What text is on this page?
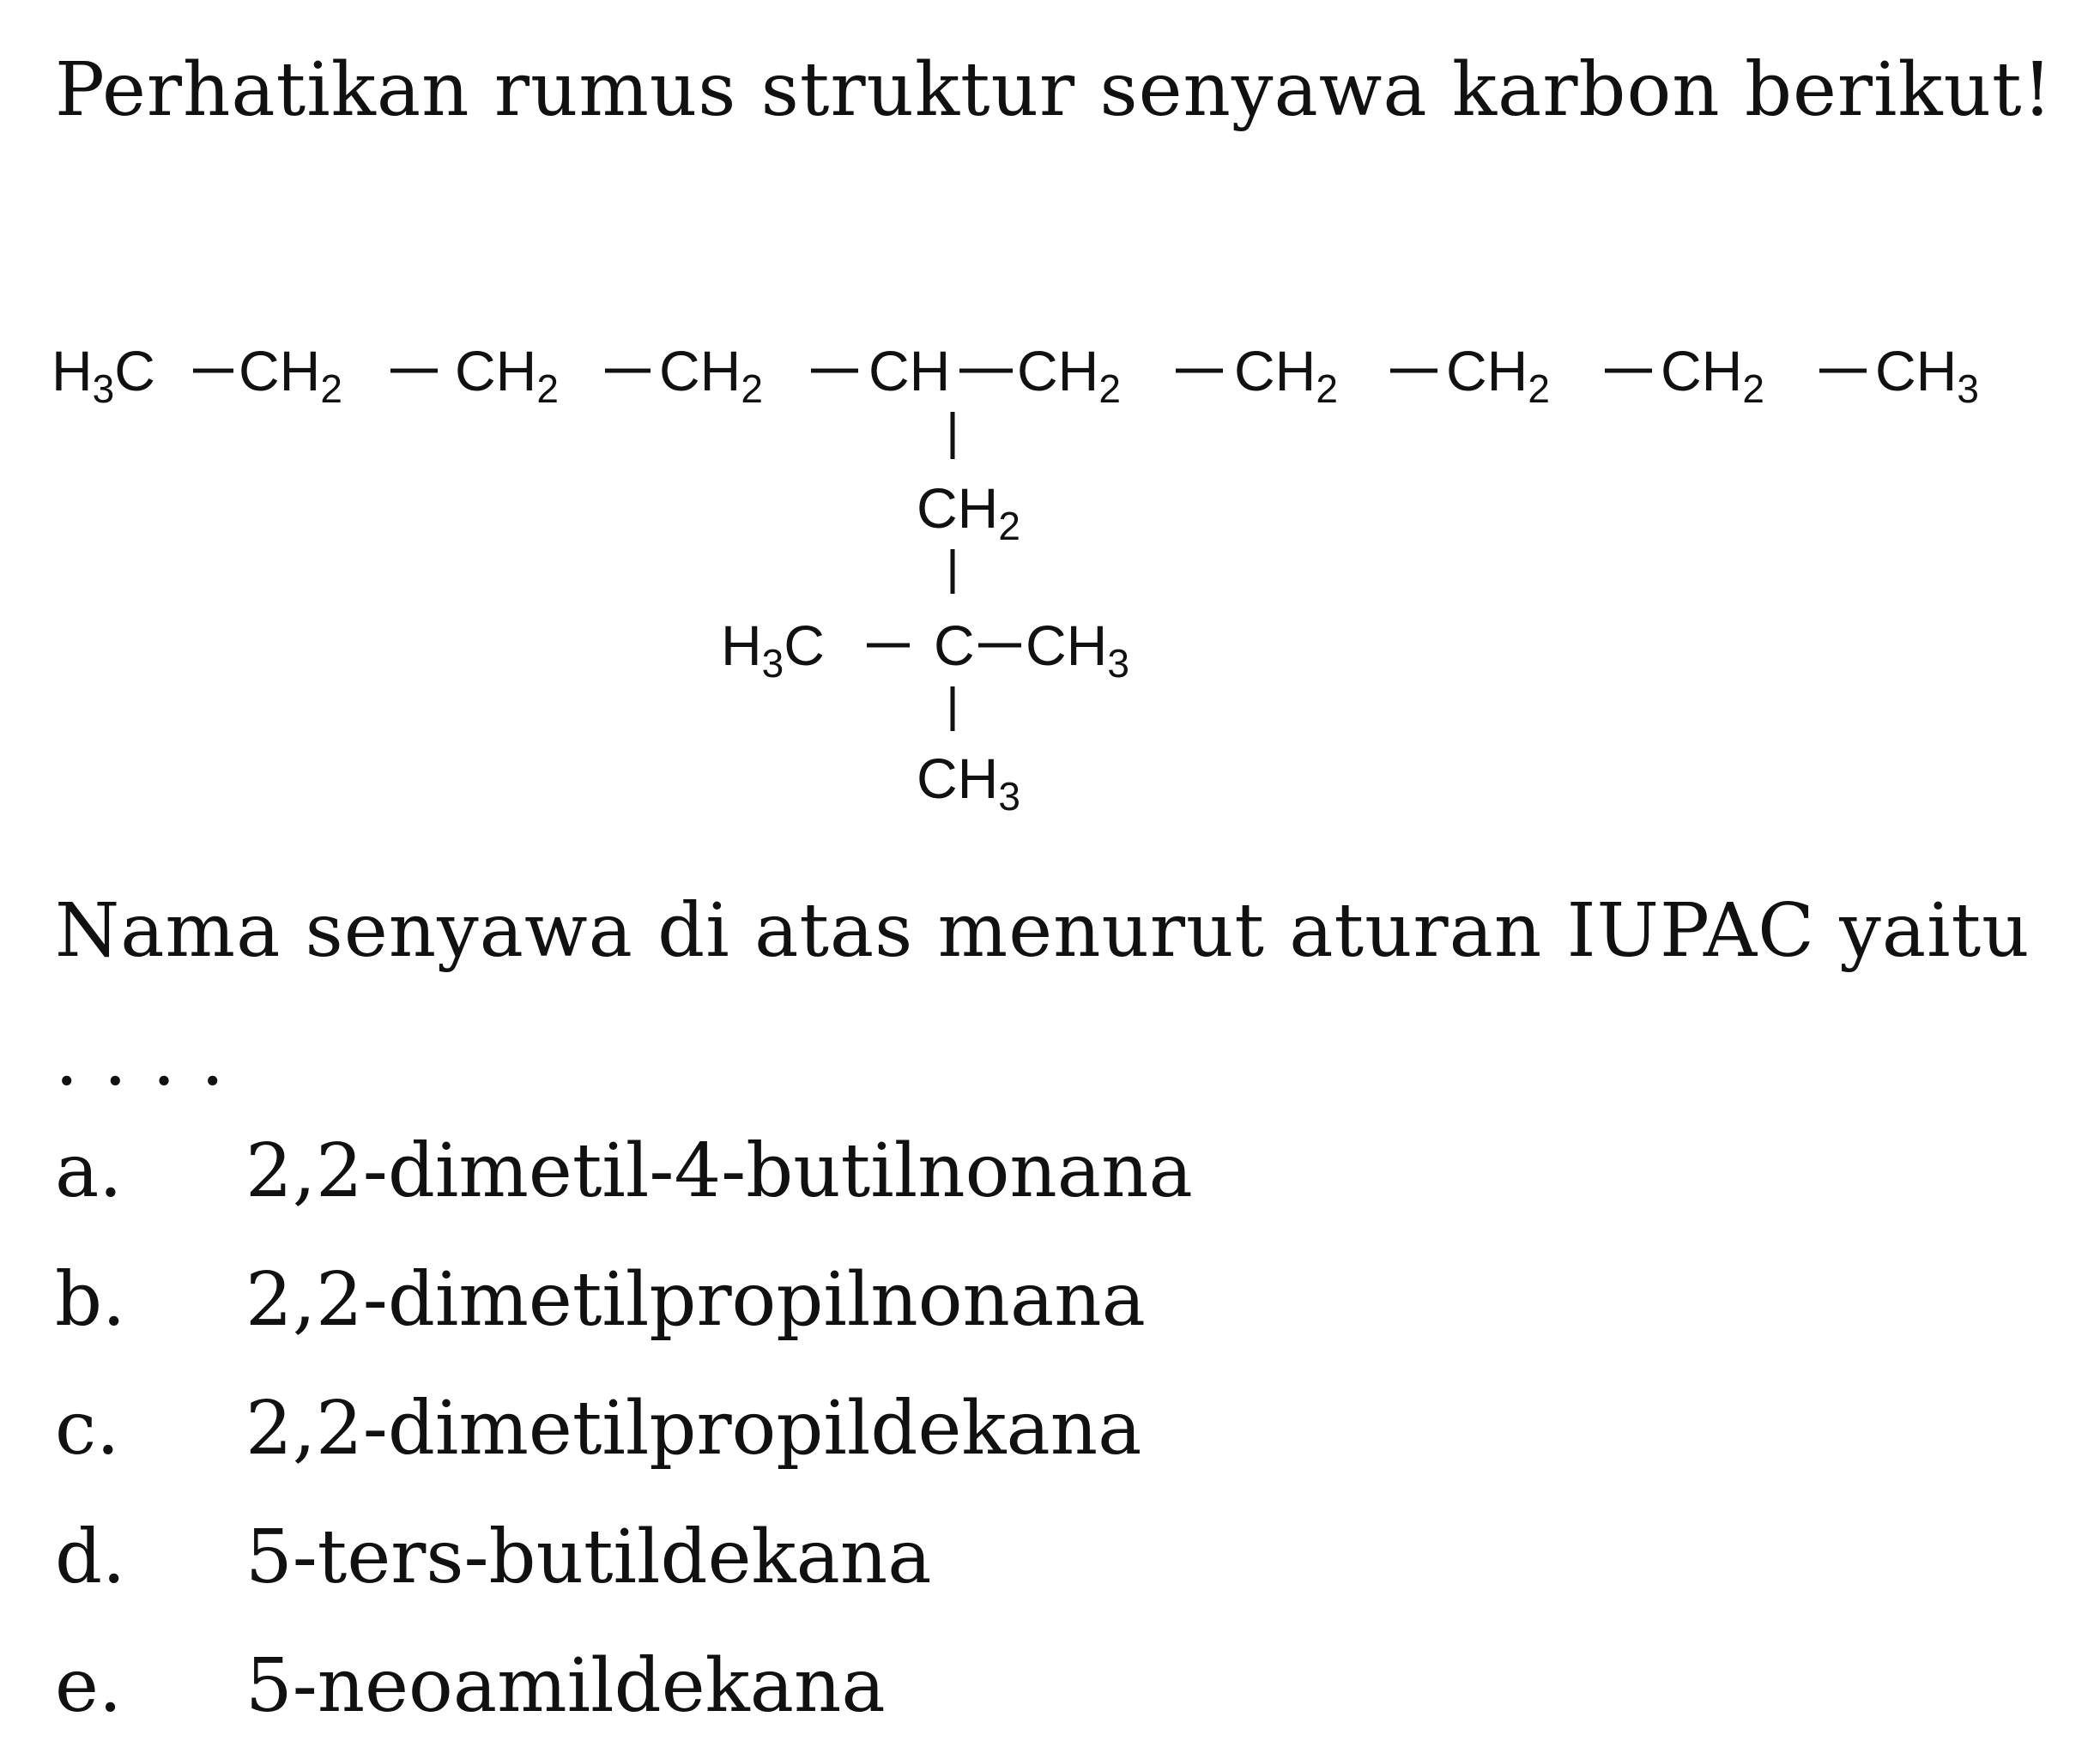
Perhatikan rumus struktur senyawa karbon berikut!
$H_3C$ $CH_2$ $CH_2$ $CH_2$ CH $CH_2$ $CH_2$ $CH_2$ $CH_2$ $CH_3$
$CH_2$
$H_3C$ C $CH_3$
$CH_3$
Nama senyawa di atas menurut aturan IUPAC yaitu . . . .
a.	2,2-dimetil-4-butilnonana
b.	2,2-dimetilpropilnonana
c.	2,2-dimetilpropildekana
d.	5-ters-butildekana
e.	5-neoamildekana
